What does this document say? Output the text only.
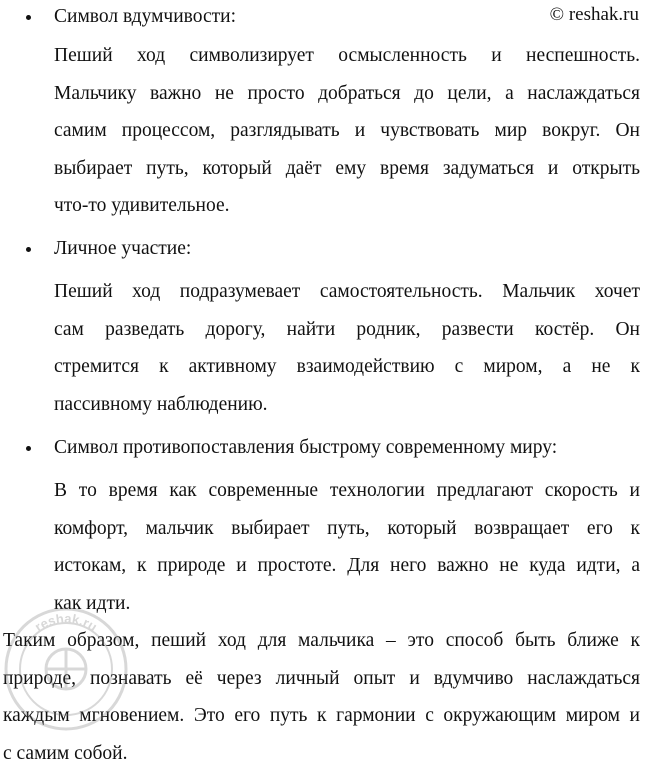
© reshak.ru
Символ вдумчивости:
Пеший ход символизирует осмысленность и неспешность.
Мальчику важно не просто добраться до цели, а наслаждаться
самим процессом, разглядывать и чувствовать мир вокруг. Он
выбирает путь, который даёт ему время задуматься и открыть
что-то удивительное.
Личное участие:
Пеший ход подразумевает самостоятельность. Мальчик хочет
сам разведать дорогу, найти родник, развести костёр. Он
стремится к активному взаимодействию с миром, а не к
пассивному наблюдению.
Символ противопоставления быстрому современному миру:
В то время как современные технологии предлагают скорость и
комфорт, мальчик выбирает путь, который возвращает его к
истокам, к природе и простоте. Для него важно не куда идти, а
как идти.
Таким образом, пеший ход для мальчика – это способ быть ближе к
природе, познавать её через личный опыт и вдумчиво наслаждаться
каждым мгновением. Это его путь к гармонии с окружающим миром и
с самим собой.
reshak.ru
